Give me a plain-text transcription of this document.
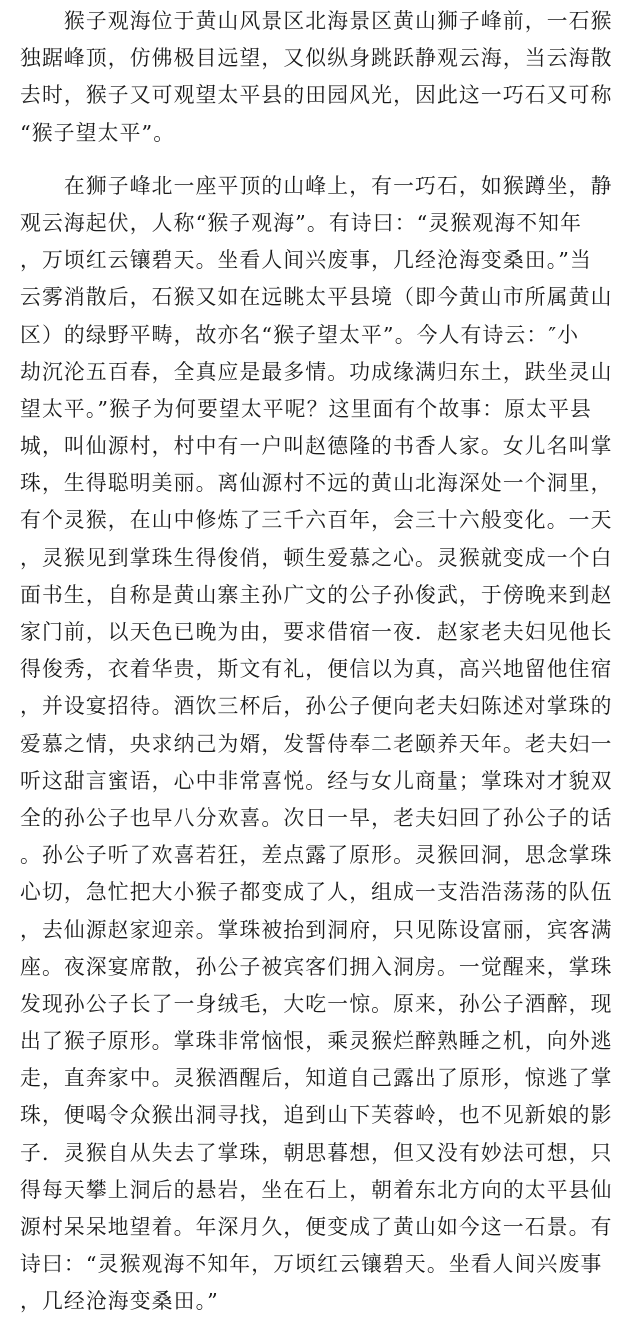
　　猴子观海位于黄山风景区北海景区黄山狮子峰前，一石猴
独踞峰顶，仿佛极目远望，又似纵身跳跃静观云海，当云海散
去时，猴子又可观望太平县的田园风光，因此这一巧石又可称
“猴子望太平”。
　　在狮子峰北一座平顶的山峰上，有一巧石，如猴蹲坐，静
观云海起伏，人称“猴子观海”。有诗曰：“灵猴观海不知年
，万顷红云镶碧天。坐看人间兴废事，几经沧海变桑田。”当
云雾消散后，石猴又如在远眺太平县境（即今黄山市所属黄山
区）的绿野平畴，故亦名“猴子望太平”。今人有诗云：″小
劫沉沦五百春，全真应是最多情。功成缘满归东土，趺坐灵山
望太平。”猴子为何要望太平呢？这里面有个故事：原太平县
城，叫仙源村，村中有一户叫赵德隆的书香人家。女儿名叫掌
珠，生得聪明美丽。离仙源村不远的黄山北海深处一个洞里，
有个灵猴，在山中修炼了三千六百年，会三十六般变化。一天
，灵猴见到掌珠生得俊俏，顿生爱慕之心。灵猴就变成一个白
面书生，自称是黄山寨主孙广文的公子孙俊武，于傍晚来到赵
家门前，以天色已晚为由，要求借宿一夜．赵家老夫妇见他长
得俊秀，衣着华贵，斯文有礼，便信以为真，高兴地留他住宿
，并设宴招待。酒饮三杯后，孙公子便向老夫妇陈述对掌珠的
爱慕之情，央求纳己为婿，发誓侍奉二老颐养天年。老夫妇一
听这甜言蜜语，心中非常喜悦。经与女儿商量；掌珠对才貌双
全的孙公子也早八分欢喜。次日一早，老夫妇回了孙公子的话
。孙公子听了欢喜若狂，差点露了原形。灵猴回洞，思念掌珠
心切，急忙把大小猴子都变成了人，组成一支浩浩荡荡的队伍
，去仙源赵家迎亲。掌珠被抬到洞府，只见陈设富丽，宾客满
座。夜深宴席散，孙公子被宾客们拥入洞房。一觉醒来，掌珠
发现孙公子长了一身绒毛，大吃一惊。原来，孙公子酒醉，现
出了猴子原形。掌珠非常恼恨，乘灵猴烂醉熟睡之机，向外逃
走，直奔家中。灵猴酒醒后，知道自己露出了原形，惊逃了掌
珠，便喝令众猴出洞寻找，追到山下芙蓉岭，也不见新娘的影
子．灵猴自从失去了掌珠，朝思暮想，但又没有妙法可想，只
得每天攀上洞后的悬岩，坐在石上，朝着东北方向的太平县仙
源村呆呆地望着。年深月久，便变成了黄山如今这一石景。有
诗曰：“灵猴观海不知年，万顷红云镶碧天。坐看人间兴废事
，几经沧海变桑田。”
